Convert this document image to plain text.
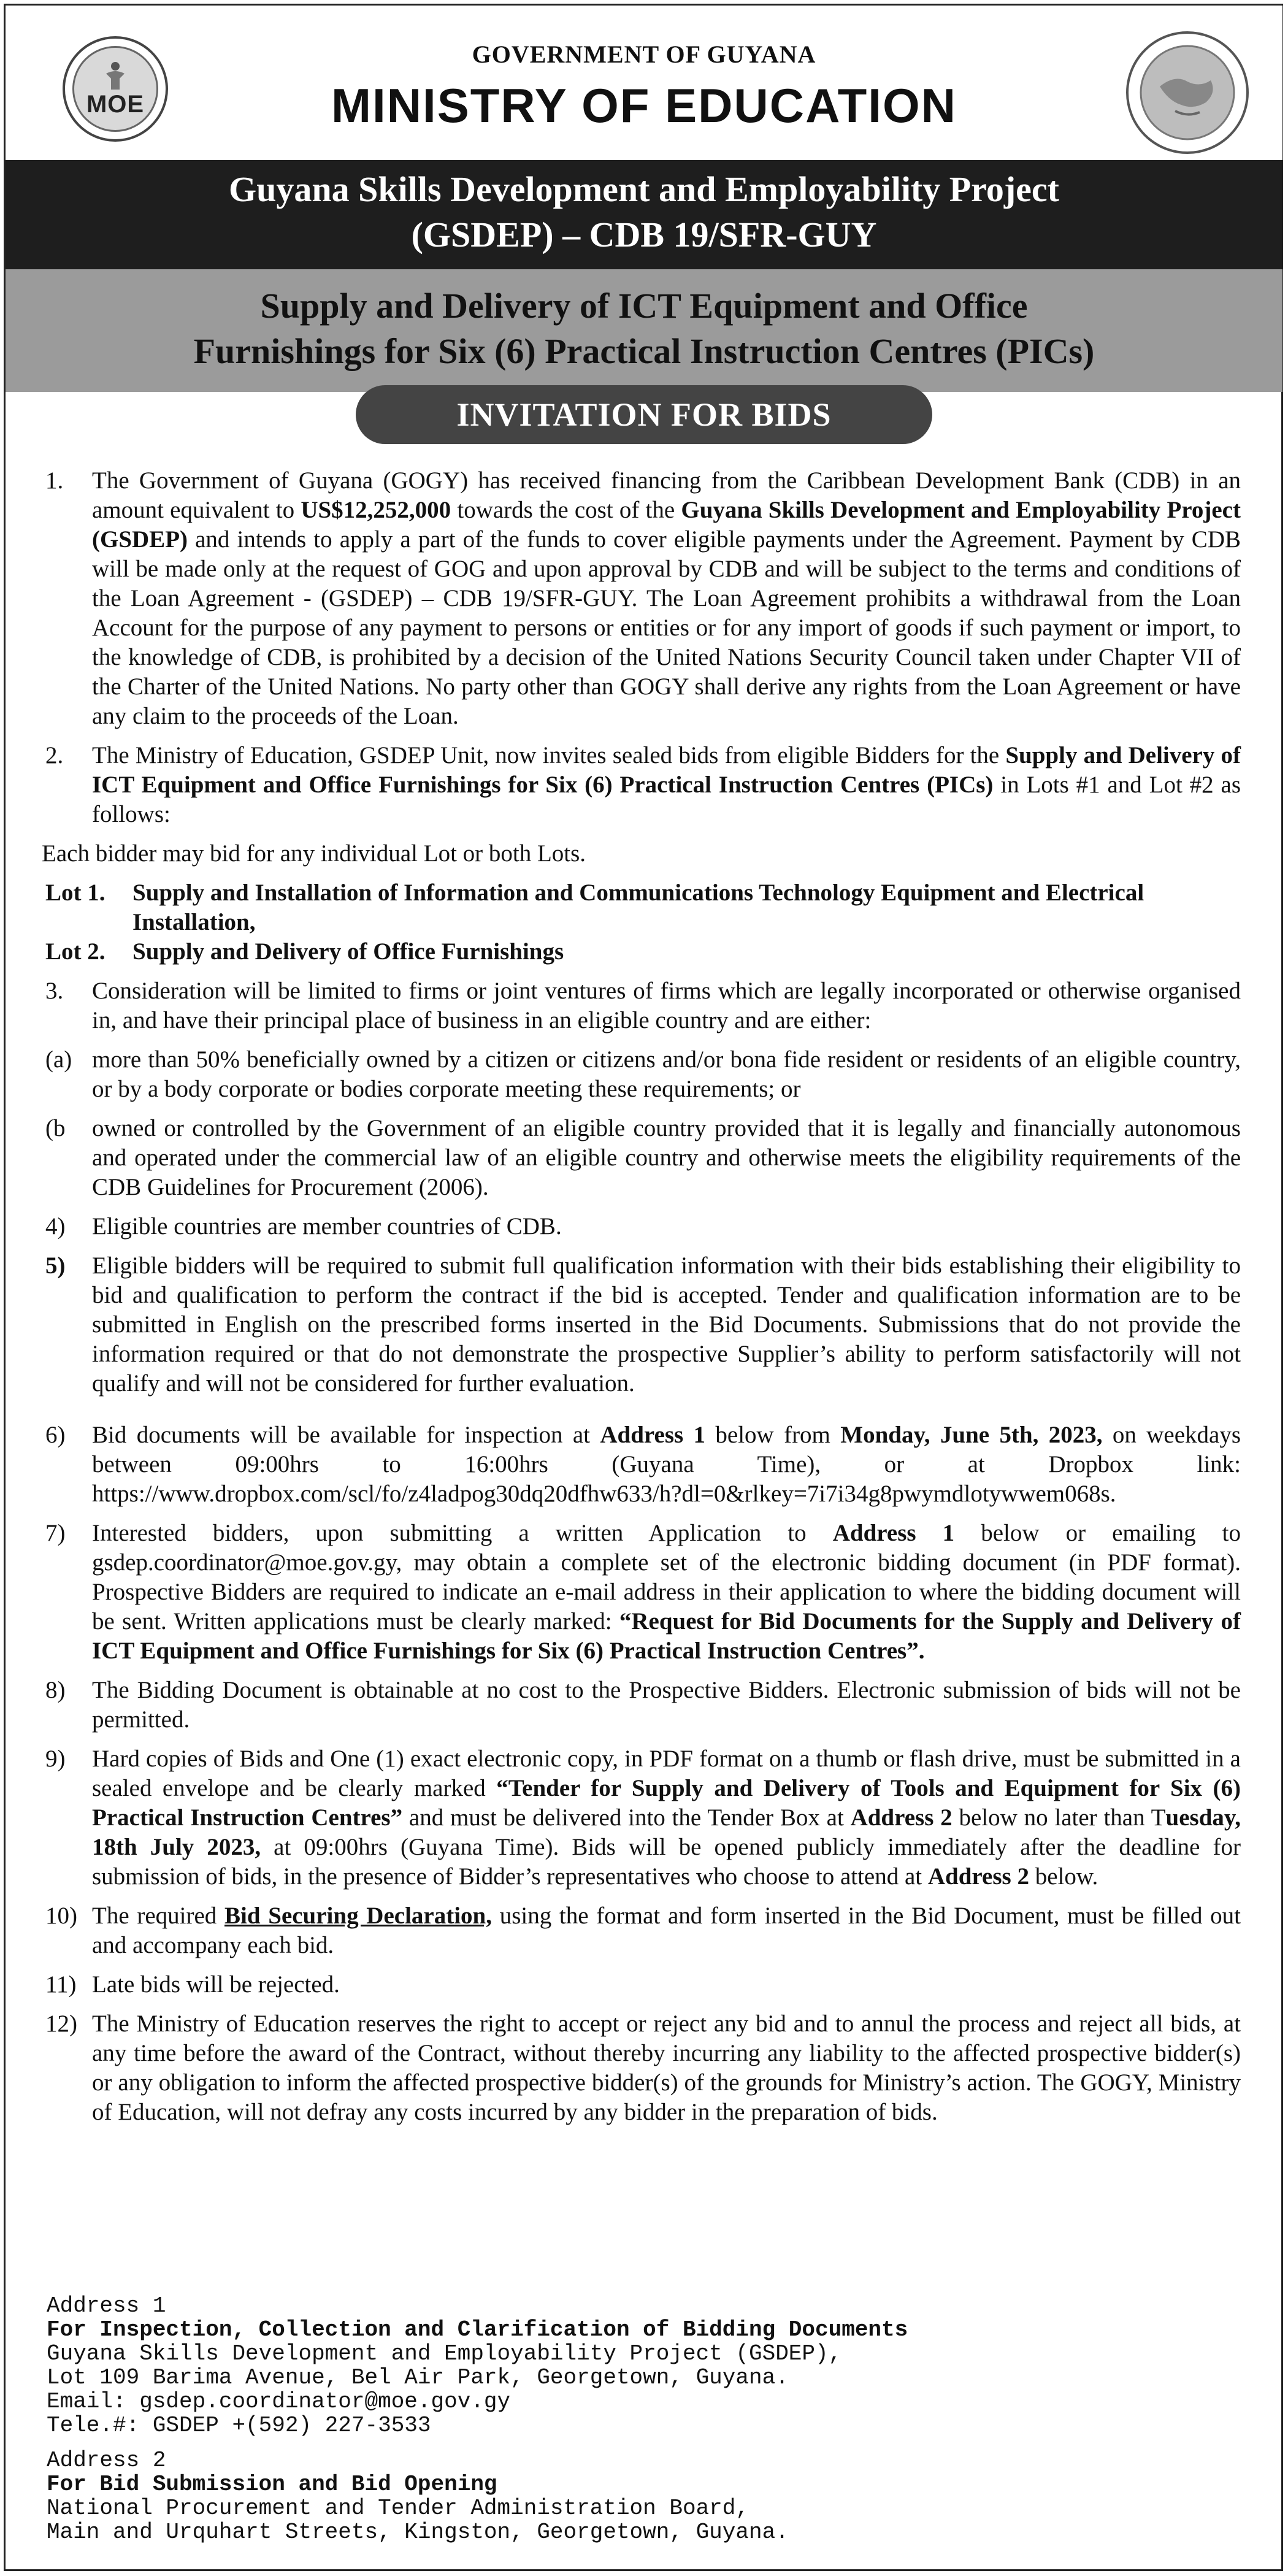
MOE
GOVERNMENT OF GUYANA
MINISTRY OF EDUCATION
Guyana Skills Development and Employability Project
(GSDEP) – CDB 19/SFR-GUY
Supply and Delivery of ICT Equipment and Office
Furnishings for Six (6) Practical Instruction Centres (PICs)
INVITATION FOR BIDS

1. The Government of Guyana (GOGY) has received financing from the Caribbean Development Bank (CDB) in an amount equivalent to US$12,252,000 towards the cost of the Guyana Skills Development and Employability Project (GSDEP) and intends to apply a part of the funds to cover eligible payments under the Agreement. Payment by CDB will be made only at the request of GOG and upon approval by CDB and will be subject to the terms and conditions of the Loan Agreement - (GSDEP) – CDB 19/SFR-GUY. The Loan Agreement prohibits a withdrawal from the Loan Account for the purpose of any payment to persons or entities or for any import of goods if such payment or import, to the knowledge of CDB, is prohibited by a decision of the United Nations Security Council taken under Chapter VII of the Charter of the United Nations. No party other than GOGY shall derive any rights from the Loan Agreement or have any claim to the proceeds of the Loan.

2. The Ministry of Education, GSDEP Unit, now invites sealed bids from eligible Bidders for the Supply and Delivery of ICT Equipment and Office Furnishings for Six (6) Practical Instruction Centres (PICs) in Lots #1 and Lot #2 as follows:

Each bidder may bid for any individual Lot or both Lots.

Lot 1. Supply and Installation of Information and Communications Technology Equipment and Electrical Installation,

Lot 2. Supply and Delivery of Office Furnishings

3. Consideration will be limited to firms or joint ventures of firms which are legally incorporated or otherwise organised in, and have their principal place of business in an eligible country and are either:

(a) more than 50% beneficially owned by a citizen or citizens and/or bona fide resident or residents of an eligible country, or by a body corporate or bodies corporate meeting these requirements; or

(b owned or controlled by the Government of an eligible country provided that it is legally and financially autonomous and operated under the commercial law of an eligible country and otherwise meets the eligibility requirements of the CDB Guidelines for Procurement (2006).

4) Eligible countries are member countries of CDB.

5) Eligible bidders will be required to submit full qualification information with their bids establishing their eligibility to bid and qualification to perform the contract if the bid is accepted. Tender and qualification information are to be submitted in English on the prescribed forms inserted in the Bid Documents. Submissions that do not provide the information required or that do not demonstrate the prospective Supplier’s ability to perform satisfactorily will not qualify and will not be considered for further evaluation.

6) Bid documents will be available for inspection at Address 1 below from Monday, June 5th, 2023, on weekdays between 09:00hrs to 16:00hrs (Guyana Time), or at Dropbox link: https://www.dropbox.com/scl/fo/z4ladpog30dq20dfhw633/h?dl=0&rlkey=7i7i34g8pwymdlotywwem068s.

7) Interested bidders, upon submitting a written Application to Address 1 below or emailing to gsdep.coordinator@moe.gov.gy, may obtain a complete set of the electronic bidding document (in PDF format). Prospective Bidders are required to indicate an e-mail address in their application to where the bidding document will be sent. Written applications must be clearly marked: “Request for Bid Documents for the Supply and Delivery of ICT Equipment and Office Furnishings for Six (6) Practical Instruction Centres”.

8) The Bidding Document is obtainable at no cost to the Prospective Bidders. Electronic submission of bids will not be permitted.

9) Hard copies of Bids and One (1) exact electronic copy, in PDF format on a thumb or flash drive, must be submitted in a sealed envelope and be clearly marked “Tender for Supply and Delivery of Tools and Equipment for Six (6) Practical Instruction Centres” and must be delivered into the Tender Box at Address 2 below no later than Tuesday, 18th July 2023, at 09:00hrs (Guyana Time). Bids will be opened publicly immediately after the deadline for submission of bids, in the presence of Bidder’s representatives who choose to attend at Address 2 below.

10) The required Bid Securing Declaration, using the format and form inserted in the Bid Document, must be filled out and accompany each bid.

11) Late bids will be rejected.

12) The Ministry of Education reserves the right to accept or reject any bid and to annul the process and reject all bids, at any time before the award of the Contract, without thereby incurring any liability to the affected prospective bidder(s) or any obligation to inform the affected prospective bidder(s) of the grounds for Ministry’s action. The GOGY, Ministry of Education, will not defray any costs incurred by any bidder in the preparation of bids.

Address 1
For Inspection, Collection and Clarification of Bidding Documents
Guyana Skills Development and Employability Project (GSDEP),
Lot 109 Barima Avenue, Bel Air Park, Georgetown, Guyana.
Email: gsdep.coordinator@moe.gov.gy
Tele.#: GSDEP +(592) 227-3533
Address 2
For Bid Submission and Bid Opening
National Procurement and Tender Administration Board,
Main and Urquhart Streets, Kingston, Georgetown, Guyana.
